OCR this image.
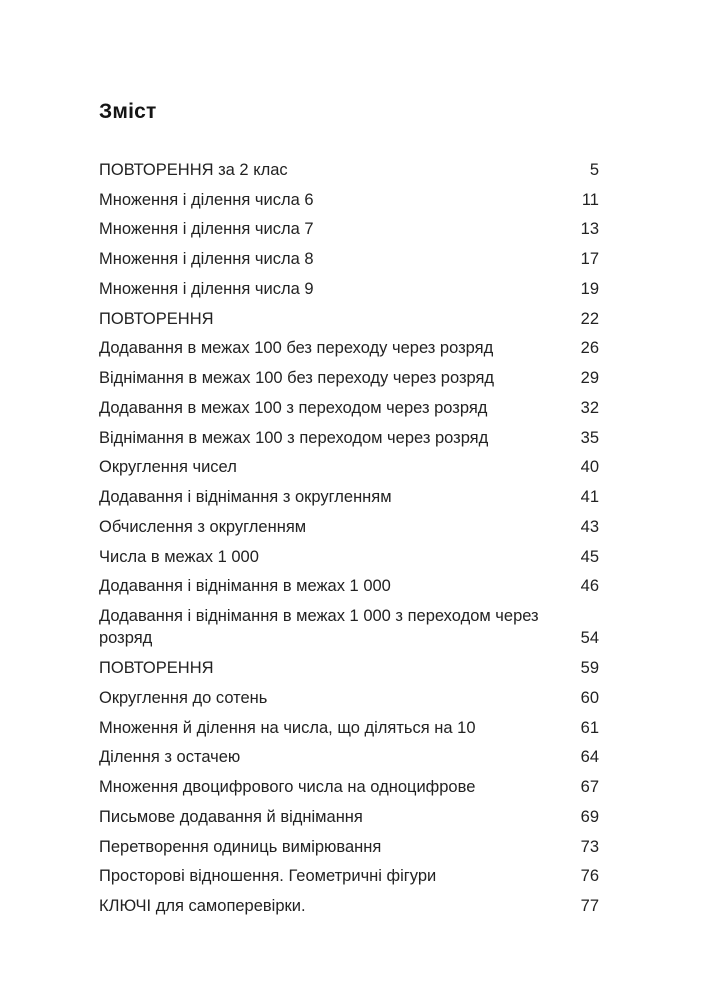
Зміст
ПОВТОРЕННЯ за 2 клас	5
Множення і ділення числа 6	11
Множення і ділення числа 7	13
Множення і ділення числа 8	17
Множення і ділення числа 9	19
ПОВТОРЕННЯ	22
Додавання в межах 100 без переходу через розряд	26
Віднімання в межах 100 без переходу через розряд	29
Додавання в межах 100 з переходом через розряд	32
Віднімання в межах 100 з переходом через розряд	35
Округлення чисел	40
Додавання і віднімання з округленням	41
Обчислення з округленням	43
Числа в межах 1 000	45
Додавання і віднімання в межах 1 000	46
Додавання і віднімання в межах 1 000 з переходом через розряд	54
ПОВТОРЕННЯ	59
Округлення до сотень	60
Множення й ділення на числа, що діляться на 10	61
Ділення з остачею	64
Множення двоцифрового числа на одноцифрове	67
Письмове додавання й віднімання	69
Перетворення одиниць вимірювання	73
Просторові відношення. Геометричні фігури	76
КЛЮЧІ для самоперевірки.	77
